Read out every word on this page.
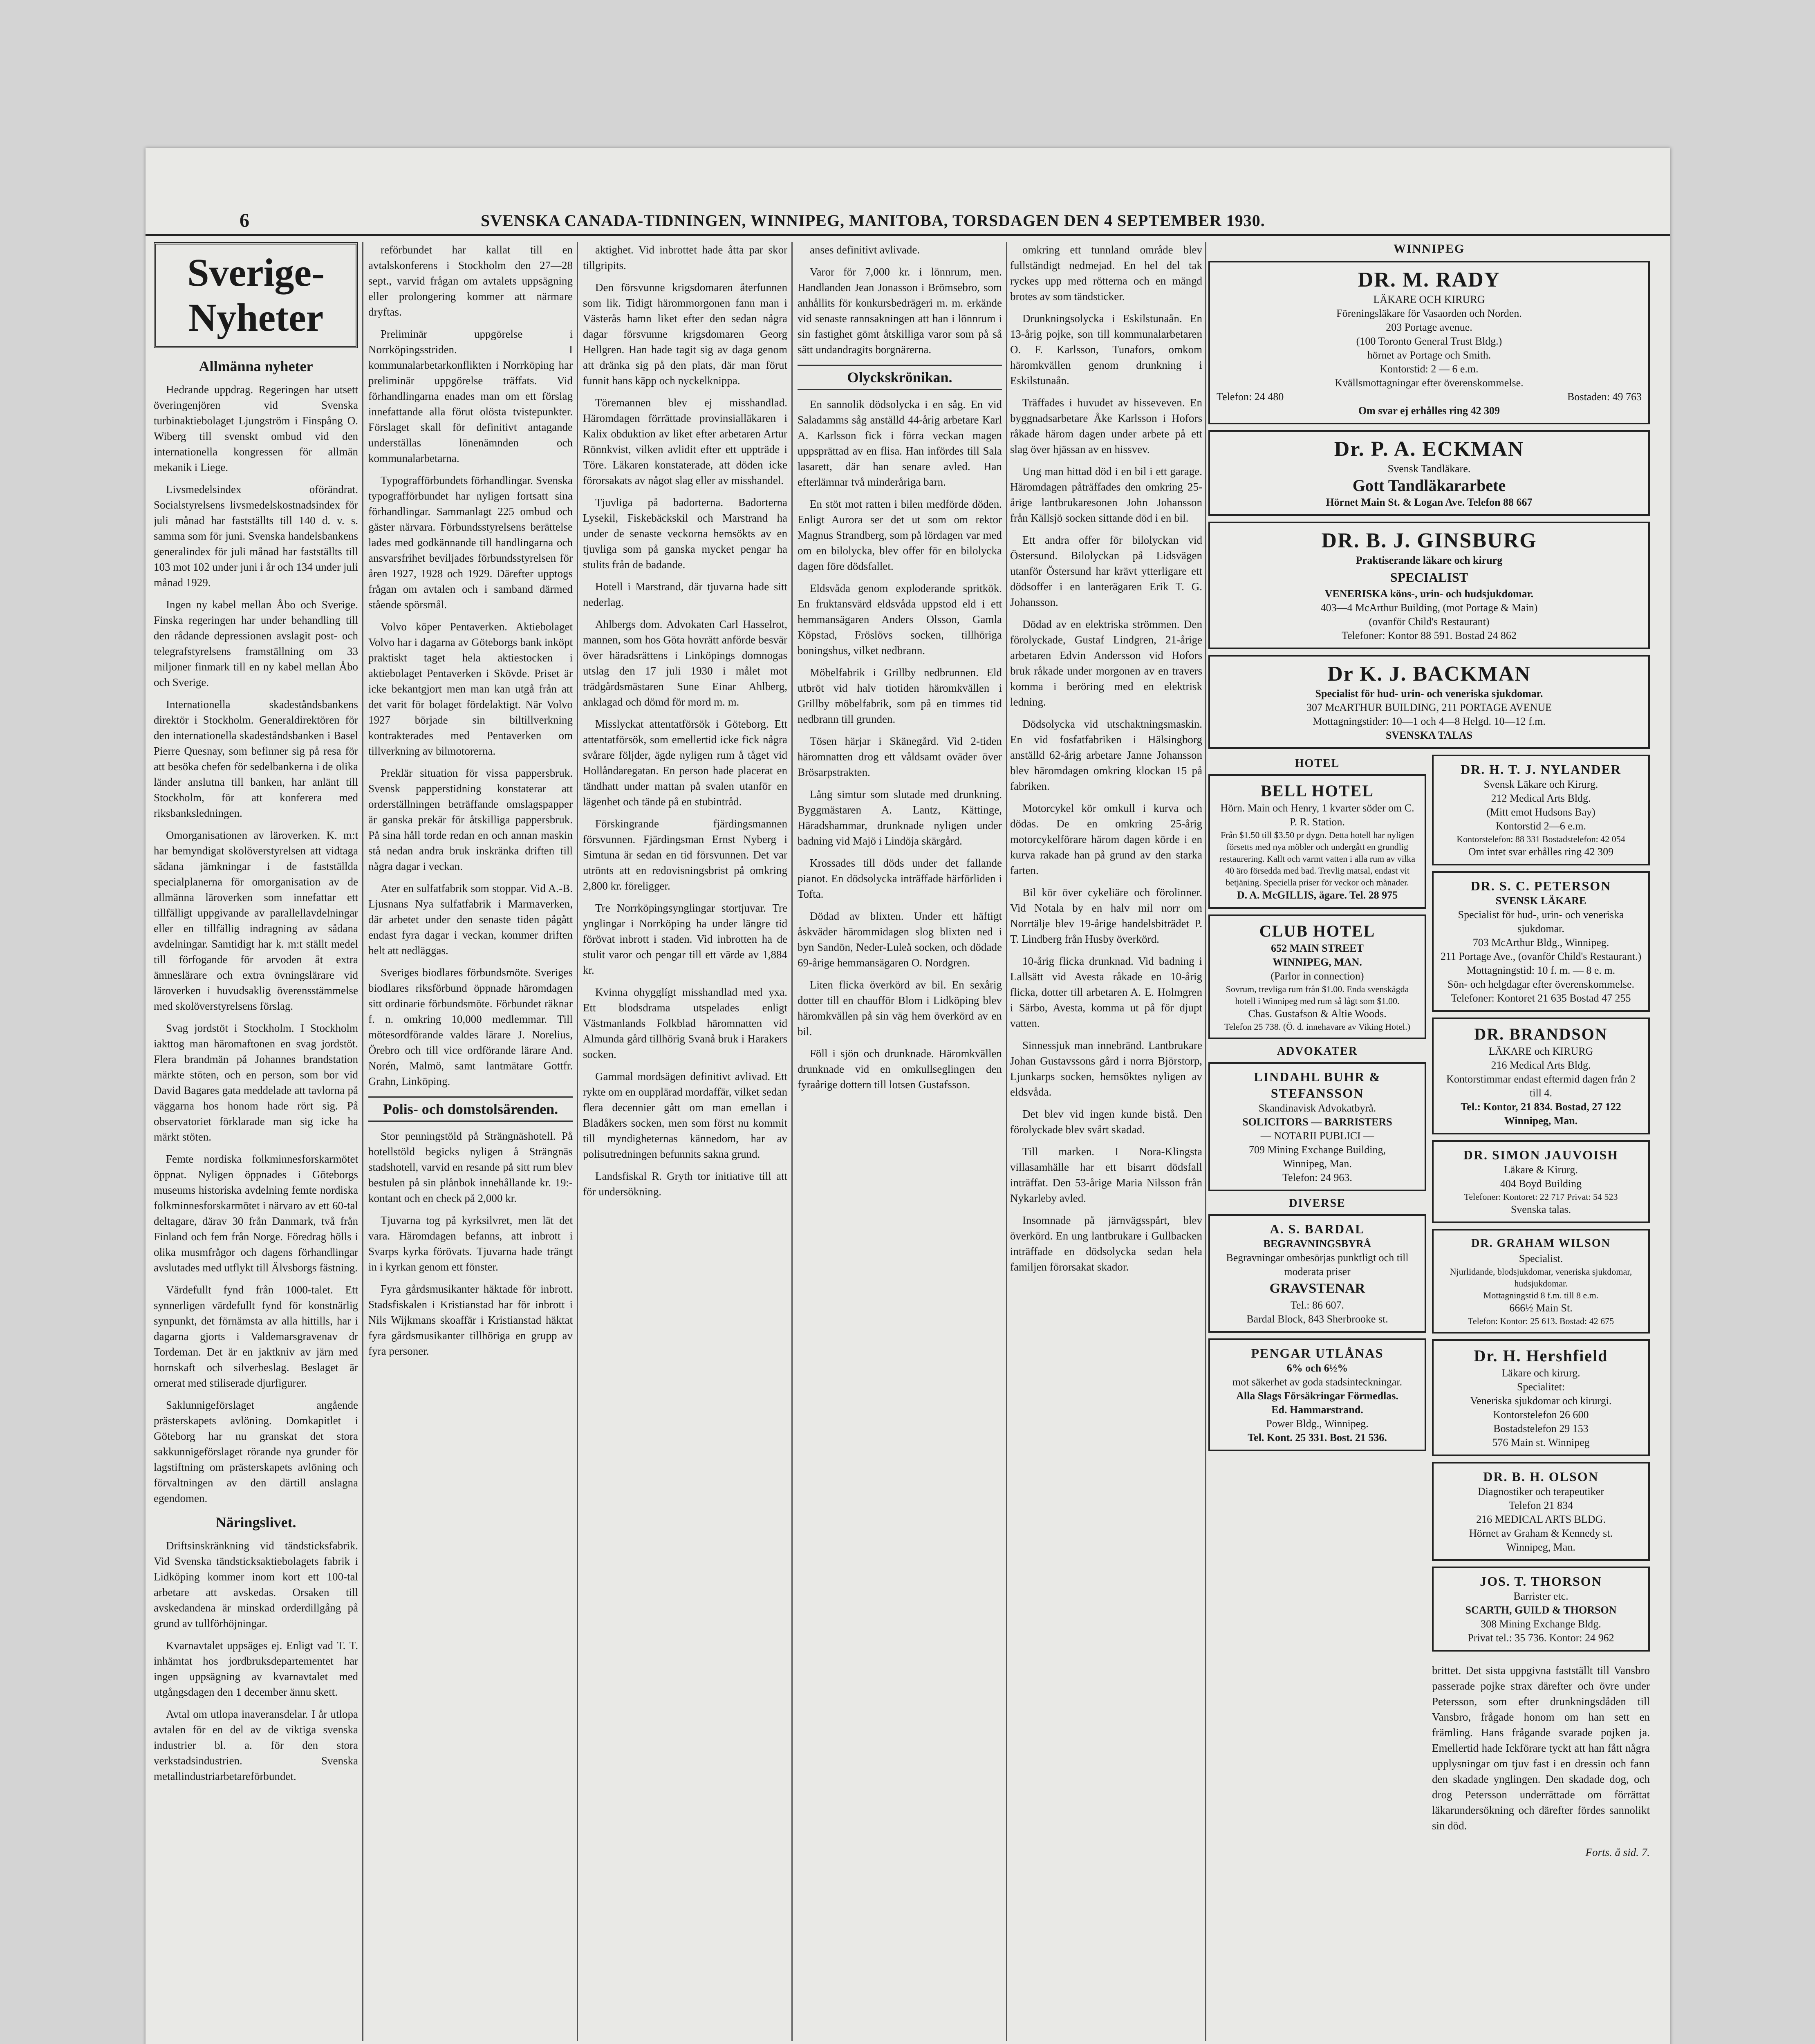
6	SVENSKA CANADA-TIDNINGEN, WINNIPEG, MANITOBA, TORSDAGEN DEN 4 SEPTEMBER 1930.
Sverige-Nyheter
Allmänna nyheter

Hedrande uppdrag. Regeringen har utsett överingenjören vid Svenska turbinaktiebolaget Ljungström i Finspång O. Wiberg till svenskt ombud vid den internationella kongressen för allmän mekanik i Liege.

Livsmedelsindex oförändrat. Socialstyrelsens livsmedelskostnadsindex för juli månad har fastställts till 140 d. v. s. samma som för juni. Svenska handelsbankens generalindex för juli månad har fastställts till 103 mot 102 under juni i år och 134 under juli månad 1929.

Ingen ny kabel mellan Åbo och Sverige. Finska regeringen har under behandling till den rådande depressionen avslagit post- och telegrafstyrelsens framställning om 33 miljoner finmark till en ny kabel mellan Åbo och Sverige.

Internationella skadeståndsbankens direktör i Stockholm. Generaldirektören för den internationella skadeståndsbanken i Basel Pierre Quesnay, som befinner sig på resa för att besöka chefen för sedelbankerna i de olika länder anslutna till banken, har anlänt till Stockholm, för att konferera med riksbanksledningen.

Omorganisationen av läroverken. K. m:t har bemyndigat skolöverstyrelsen att vidtaga sådana jämkningar i de fastställda specialplanerna för omorganisation av de allmänna läroverken som innefattar ett tillfälligt uppgivande av parallellavdelningar eller en tillfällig indragning av sådana avdelningar. Samtidigt har k. m:t ställt medel till förfogande för arvoden åt extra ämneslärare och extra övningslärare vid läroverken i huvudsaklig överensstämmelse med skolöverstyrelsens förslag.

Svag jordstöt i Stockholm. I Stockholm iakttog man häromaftonen en svag jordstöt. Flera brandmän på Johannes brandstation märkte stöten, och en person, som bor vid David Bagares gata meddelade att tavlorna på väggarna hos honom hade rört sig. På observatoriet förklarade man sig icke ha märkt stöten.

Femte nordiska folkminnesforskarmötet öppnat. Nyligen öppnades i Göteborgs museums historiska avdelning femte nordiska folkminnesforskarmötet i närvaro av ett 60-tal deltagare, därav 30 från Danmark, två från Finland och fem från Norge. Föredrag hölls i olika musmfrågor och dagens förhandlingar avslutades med utflykt till Älvsborgs fästning.

Värdefullt fynd från 1000-talet. Ett synnerligen värdefullt fynd för konstnärlig synpunkt, det förnämsta av alla hittills, har i dagarna gjorts i Valdemarsgravenav dr Tordeman. Det är en jaktkniv av järn med hornskaft och silverbeslag. Beslaget är ornerat med stiliserade djurfigurer.

Saklunnigeförslaget angående prästerskapets avlöning. Domkapitlet i Göteborg har nu granskat det stora sakkunnigeförslaget rörande nya grunder för lagstiftning om prästerskapets avlöning och förvaltningen av den därtill anslagna egendomen.

Näringslivet.

Driftsinskränkning vid tändsticksfabrik. Vid Svenska tändsticksaktiebolagets fabrik i Lidköping kommer inom kort ett 100-tal arbetare att avskedas. Orsaken till avskedandena är minskad orderdillgång på grund av tullförhöjningar.

Kvarnavtalet uppsäges ej. Enligt vad T. T. inhämtat hos jordbruksdepartementet har ingen uppsägning av kvarnavtalet med utgångsdagen den 1 december ännu skett.

Avtal om utlopa inaveransdelar. I år utlopa avtalen för en del av de viktiga svenska industrier bl. a. för den stora verkstadsindustrien. Svenska metallindustriarbetareförbundet.

reförbundet har kallat till en avtalskonferens i Stockholm den 27—28 sept., varvid frågan om avtalets uppsägning eller prolongering kommer att närmare dryftas.

Preliminär uppgörelse i Norrköpingsstriden. I kommunalarbetarkonflikten i Norrköping har preliminär uppgörelse träffats. Vid förhandlingarna enades man om ett förslag innefattande alla förut olösta tvistepunkter. Förslaget skall för definitivt antagande underställas lönenämnden och kommunalarbetarna.

Typografförbundets förhandlingar. Svenska typografförbundet har nyligen fortsatt sina förhandlingar. Sammanlagt 225 ombud och gäster närvara. Förbundsstyrelsens berättelse lades med godkännande till handlingarna och ansvarsfrihet beviljades förbundsstyrelsen för åren 1927, 1928 och 1929. Därefter upptogs frågan om avtalen och i samband därmed stående spörsmål.

Volvo köper Pentaverken. Aktiebolaget Volvo har i dagarna av Göteborgs bank inköpt praktiskt taget hela aktiestocken i aktiebolaget Pentaverken i Skövde. Priset är icke bekantgjort men man kan utgå från att det varit för bolaget fördelaktigt. När Volvo 1927 började sin biltillverkning kontrakterades med Pentaverken om tillverkning av bilmotorerna.

Preklär situation för vissa pappersbruk. Svensk papperstidning konstaterar att orderställningen beträffande omslagspapper är ganska prekär för åtskilliga pappersbruk. På sina håll torde redan en och annan maskin stå nedan andra bruk inskränka driften till några dagar i veckan.

Ater en sulfatfabrik som stoppar. Vid A.-B. Ljusnans Nya sulfatfabrik i Marmaverken, där arbetet under den senaste tiden pågått endast fyra dagar i veckan, kommer driften helt att nedläggas.

Sveriges biodlares förbundsmöte. Sveriges biodlares riksförbund öppnade häromdagen sitt ordinarie förbundsmöte. Förbundet räknar f. n. omkring 10,000 medlemmar. Till mötesordförande valdes lärare J. Norelius, Örebro och till vice ordförande lärare And. Norén, Malmö, samt lantmätare Gottfr. Grahn, Linköping.

Polis- och domstolsärenden.

Stor penningstöld på Strängnäshotell. På hotellstöld begicks nyligen å Strängnäs stadshotell, varvid en resande på sitt rum blev bestulen på sin plånbok innehållande kr. 19:- kontant och en check på 2,000 kr.

Tjuvarna tog på kyrksilvret, men lät det vara. Häromdagen befanns, att inbrott i Svarps kyrka förövats. Tjuvarna hade trängt in i kyrkan genom ett fönster.

Fyra gårdsmusikanter häktade för inbrott. Stadsfiskalen i Kristianstad har för inbrott i Nils Wijkmans skoaffär i Kristianstad häktat fyra gårdsmusikanter tillhöriga en grupp av fyra personer.

aktighet. Vid inbrottet hade åtta par skor tillgripits.

Den försvunne krigsdomaren återfunnen som lik. Tidigt härommorgonen fann man i Västerås hamn liket efter den sedan några dagar försvunne krigsdomaren Georg Hellgren. Han hade tagit sig av daga genom att dränka sig på den plats, där man förut funnit hans käpp och nyckelknippa.

Töremannen blev ej misshandlad. Häromdagen förrättade provinsialläkaren i Kalix obduktion av liket efter arbetaren Artur Rönnkvist, vilken avlidit efter ett uppträde i Töre. Läkaren konstaterade, att döden icke förorsakats av något slag eller av misshandel.

Tjuvliga på badorterna. Badorterna Lysekil, Fiskebäckskil och Marstrand ha under de senaste veckorna hemsökts av en tjuvliga som på ganska mycket pengar ha stulits från de badande.

Hotell i Marstrand, där tjuvarna hade sitt nederlag.

Ahlbergs dom. Advokaten Carl Hasselrot, mannen, som hos Göta hovrätt anförde besvär över häradsrättens i Linköpings domnogas utslag den 17 juli 1930 i målet mot trädgårdsmästaren Sune Einar Ahlberg, anklagad och dömd för mord m. m.

Misslyckat attentatförsök i Göteborg. Ett attentatförsök, som emellertid icke fick några svårare följder, ägde nyligen rum å tåget vid Hollåndaregatan. En person hade placerat en tändhatt under mattan på svalen utanför en lägenhet och tände på en stubintråd.

Förskingrande fjärdingsmannen försvunnen. Fjärdingsman Ernst Nyberg i Simtuna är sedan en tid försvunnen. Det var utrönts att en redovisningsbrist på omkring 2,800 kr. föreligger.

Tre Norrköpingsynglingar stortjuvar. Tre ynglingar i Norrköping ha under längre tid förövat inbrott i staden. Vid inbrotten ha de stulit varor och pengar till ett värde av 1,884 kr.

Kvinna ohygglígt misshandlad med yxa. Ett blodsdrama utspelades enligt Västmanlands Folkblad häromnatten vid Almunda gård tillhörig Svanå bruk i Harakers socken.

Gammal mordsägen definitivt avlivad. Ett rykte om en oupplärad mordaffär, vilket sedan flera decennier gått om man emellan i Bladåkers socken, men som först nu kommit till myndigheternas kännedom, har av polisutredningen befunnits sakna grund.

Landsfiskal R. Gryth tor initiative till att för undersökning.

anses definitivt avlivade.

Varor för 7,000 kr. i lönnrum, men. Handlanden Jean Jonasson i Brömsebro, som anhållits för konkursbedrägeri m. m. erkände vid senaste rannsakningen att han i lönnrum i sin fastighet gömt åtskilliga varor som på så sätt undandragits borgnärerna.

Olyckskrönikan.

En sannolik dödsolycka i en såg. En vid Saladamms såg anställd 44-årig arbetare Karl A. Karlsson fick i förra veckan magen uppsprättad av en flisa. Han infördes till Sala lasarett, där han senare avled. Han efterlämnar två minderåriga barn.

En stöt mot ratten i bilen medförde döden. Enligt Aurora ser det ut som om rektor Magnus Strandberg, som på lördagen var med om en bilolycka, blev offer för en bilolycka dagen före dödsfallet.

Eldsvåda genom exploderande spritkök. En fruktansvärd eldsvåda uppstod eld i ett hemmansägaren Anders Olsson, Gamla Köpstad, Fröslövs socken, tillhöriga boningshus, vilket nedbrann.

Möbelfabrik i Grillby nedbrunnen. Eld utbröt vid halv tiotiden häromkvällen i Grillby möbelfabrik, som på en timmes tid nedbrann till grunden.

Tösen härjar i Skänegård. Vid 2-tiden häromnatten drog ett våldsamt oväder över Brösarpstrakten.

Lång simtur som slutade med drunkning. Byggmästaren A. Lantz, Kättinge, Häradshammar, drunknade nyligen under badning vid Majö i Lindöja skärgård.

Krossades till döds under det fallande pianot. En dödsolycka inträffade härförliden i Tofta.

Dödad av blixten. Under ett häftigt åskväder härommidagen slog blixten ned i byn Sandön, Neder-Luleå socken, och dödade 69-årige hemmansägaren O. Nordgren.

Liten flicka överkörd av bil. En sexårig dotter till en chaufför Blom i Lidköping blev häromkvällen på sin väg hem överkörd av en bil.

Föll i sjön och drunknade. Häromkvällen drunknade vid en omkullseglingen den fyraårige dottern till lotsen Gustafsson.

omkring ett tunnland område blev fullständigt nedmejad. En hel del tak ryckes upp med rötterna och en mängd brotes av som tändsticker.

Drunkningsolycka i Eskilstunaån. En 13-årig pojke, son till kommunalarbetaren O. F. Karlsson, Tunafors, omkom häromkvällen genom drunkning i Eskilstunaån.

Träffades i huvudet av hisseveven. En byggnadsarbetare Åke Karlsson i Hofors råkade härom dagen under arbete på ett slag över hjässan av en hissvev.

Ung man hittad död i en bil i ett garage. Häromdagen påträffades den omkring 25-årige lantbrukaresonen John Johansson från Källsjö socken sittande död i en bil.

Ett andra offer för bilolyckan vid Östersund. Bilolyckan på Lidsvägen utanför Östersund har krävt ytterligare ett dödsoffer i en lanterägaren Erik T. G. Johansson.

Dödad av en elektriska strömmen. Den förolyckade, Gustaf Lindgren, 21-årige arbetaren Edvin Andersson vid Hofors bruk råkade under morgonen av en travers komma i beröring med en elektrisk ledning.

Dödsolycka vid utschaktningsmaskin. En vid fosfatfabriken i Hälsingborg anställd 62-årig arbetare Janne Johansson blev häromdagen omkring klockan 15 på fabriken.

Motorcykel kör omkull i kurva och dödas. De en omkring 25-årig motorcykelförare härom dagen körde i en kurva rakade han på grund av den starka farten.

Bil kör över cykeliäre och förolinner. Vid Notala by en halv mil norr om Norrtälje blev 19-årige handelsbiträdet P. T. Lindberg från Husby överkörd.

10-årig flicka drunknad. Vid badning i Lallsätt vid Avesta råkade en 10-årig flicka, dotter till arbetaren A. E. Holmgren i Särbo, Avesta, komma ut på för djupt vatten.

Sinnessjuk man innebränd. Lantbrukare Johan Gustavssons gård i norra Björstorp, Ljunkarps socken, hemsöktes nyligen av eldsvåda.

Det blev vid ingen kunde bistå. Den förolyckade blev svårt skadad.

Till marken. I Nora-Klingsta villasamhälle har ett bisarrt dödsfall inträffat. Den 53-årige Maria Nilsson från Nykarleby avled.

Insomnade på järnvägsspårt, blev överkörd. En ung lantbrukare i Gullbacken inträffade en dödsolycka sedan hela familjen förorsakat skador.

WINNIPEG
DR. M. RADY
LÄKARE OCH KIRURG
Föreningsläkare för Vasaorden och Norden.
203 Portage avenue.
(100 Toronto General Trust Bldg.)
hörnet av Portage och Smith.
Kontorstid: 2 — 6 e.m.
Kvällsmottagningar efter överenskommelse.
Telefon: 24 480	Bostaden: 49 763
Om svar ej erhålles ring 42 309
Dr. P. A. ECKMAN
Svensk Tandläkare.
Gott Tandläkararbete
Hörnet Main St. & Logan Ave. Telefon 88 667
DR. B. J. GINSBURG
Praktiserande läkare och kirurg
SPECIALIST
VENERISKA köns-, urin- och hudsjukdomar.
403—4 McArthur Building, (mot Portage & Main)
(ovanför Child's Restaurant)
Telefoner: Kontor 88 591. Bostad 24 862
Dr K. J. BACKMAN
Specialist för hud- urin- och veneriska sjukdomar.
307 McARTHUR BUILDING, 211 PORTAGE AVENUE
Mottagningstider: 10—1 och 4—8 Helgd. 10—12 f.m.
SVENSKA TALAS
HOTEL
BELL HOTEL
Hörn. Main och Henry, 1 kvarter söder om C. P. R. Station.
Från $1.50 till $3.50 pr dygn. Detta hotell har nyligen försetts med nya möbler och undergått en grundlig restaurering. Kallt och varmt vatten i alla rum av vilka 40 äro försedda med bad. Trevlig matsal, endast vit betjäning. Speciella priser för veckor och månader.
D. A. McGILLIS, ägare. Tel. 28 975
CLUB HOTEL
652 MAIN STREET
WINNIPEG, MAN.
(Parlor in connection)
Sovrum, trevliga rum från $1.00. Enda svenskägda hotell i Winnipeg med rum så lågt som $1.00.
Chas. Gustafson & Altie Woods.
Telefon 25 738. (Ö. d. innehavare av Viking Hotel.)
ADVOKATER
LINDAHL BUHR & STEFANSSON
Skandinavisk Advokatbyrå.
SOLICITORS — BARRISTERS
— NOTARII PUBLICI —
709 Mining Exchange Building,
Winnipeg, Man.
Telefon: 24 963.
DIVERSE
A. S. BARDAL
BEGRAVNINGSBYRÅ
Begravningar ombesörjas punktligt och till moderata priser
GRAVSTENAR
Tel.: 86 607.
Bardal Block, 843 Sherbrooke st.
PENGAR UTLÅNAS
6% och 6½%
mot säkerhet av goda stadsinteckningar.
Alla Slags Försäkringar Förmedlas.
Ed. Hammarstrand.
Power Bldg., Winnipeg.
Tel. Kont. 25 331. Bost. 21 536.
DR. H. T. J. NYLANDER
Svensk Läkare och Kirurg.
212 Medical Arts Bldg.
(Mitt emot Hudsons Bay)
Kontorstid 2—6 e.m.
Kontorstelefon: 88 331 Bostadstelefon: 42 054
Om intet svar erhålles ring 42 309
DR. S. C. PETERSON
SVENSK LÄKARE
Specialist för hud-, urin- och veneriska sjukdomar.
703 McArthur Bldg., Winnipeg.
211 Portage Ave., (ovanför Child's Restaurant.)
Mottagningstid: 10 f. m. — 8 e. m.
Sön- och helgdagar efter överenskommelse.
Telefoner: Kontoret 21 635 Bostad 47 255
DR. BRANDSON
LÄKARE och KIRURG
216 Medical Arts Bldg.
Kontorstimmar endast eftermid dagen från 2 till 4.
Tel.: Kontor, 21 834. Bostad, 27 122
Winnipeg, Man.
DR. SIMON JAUVOISH
Läkare & Kirurg.
404 Boyd Building
Telefoner: Kontoret: 22 717 Privat: 54 523
Svenska talas.
DR. GRAHAM WILSON
Specialist.
Njurlidande, blodsjukdomar, veneriska sjukdomar, hudsjukdomar.
Mottagningstid 8 f.m. till 8 e.m.
666½ Main St.
Telefon: Kontor: 25 613. Bostad: 42 675
Dr. H. Hershfield
Läkare och kirurg.
Specialitet:
Veneriska sjukdomar och kirurgi.
Kontorstelefon 26 600
Bostadstelefon 29 153
576 Main st. Winnipeg
DR. B. H. OLSON
Diagnostiker och terapeutiker
Telefon 21 834
216 MEDICAL ARTS BLDG.
Hörnet av Graham & Kennedy st.
Winnipeg, Man.
JOS. T. THORSON
Barrister etc.
SCARTH, GUILD & THORSON
308 Mining Exchange Bldg.
Privat tel.: 35 736. Kontor: 24 962

brittet. Det sista uppgivna fastställt till Vansbro passerade pojke strax därefter och övre under Petersson, som efter drunkningsdåden till Vansbro, frågade honom om han sett en främling. Hans frågande svarade pojken ja. Emellertid hade Ickförare tyckt att han fått några upplysningar om tjuv fast i en dressin och fann den skadade ynglingen. Den skadade dog, och drog Petersson underrättade om förrättat läkarundersökning och därefter fördes sannolikt sin död.

Forts. å sid. 7.
